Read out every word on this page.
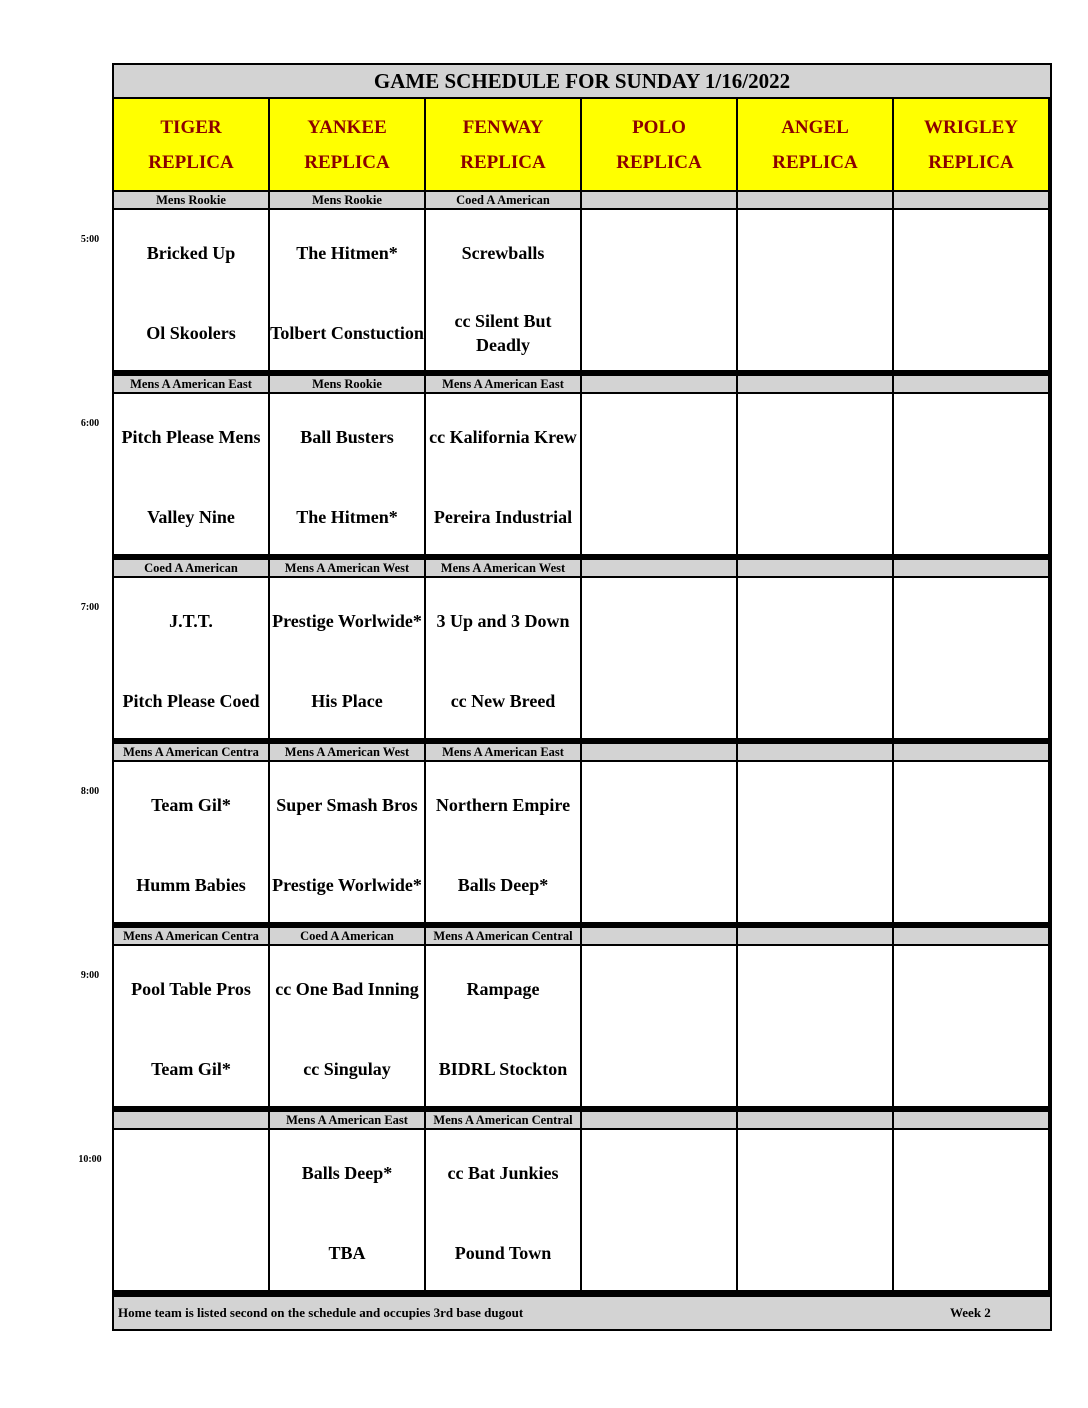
GAME SCHEDULE FOR SUNDAY 1/16/2022
TIGER
REPLICA
YANKEE
REPLICA
FENWAY
REPLICA
POLO
REPLICA
ANGEL
REPLICA
WRIGLEY
REPLICA
Mens Rookie
Bricked Up
Ol Skoolers
Mens Rookie
The Hitmen*
Tolbert Constuction
Coed A American
Screwballs
cc Silent But Deadly
Mens A American East
Pitch Please Mens
Valley Nine
Mens Rookie
Ball Busters
The Hitmen*
Mens A American East
cc Kalifornia Krew
Pereira Industrial
Coed A American
J.T.T.
Pitch Please Coed
Mens A American West
Prestige Worlwide*
His Place
Mens A American West
3 Up and 3 Down
cc New Breed
Mens A American Centra
Team Gil*
Humm Babies
Mens A American West
Super Smash Bros
Prestige Worlwide*
Mens A American East
Northern Empire
Balls Deep*
Mens A American Centra
Pool Table Pros
Team Gil*
Coed A American
cc One Bad Inning
cc Singulay
Mens A American Central
Rampage
BIDRL Stockton
Mens A American East
Balls Deep*
TBA
Mens A American Central
cc Bat Junkies
Pound Town
Home team is listed second on the schedule and occupies 3rd base dugout	Week 2
5:00
6:00
7:00
8:00
9:00
10:00
